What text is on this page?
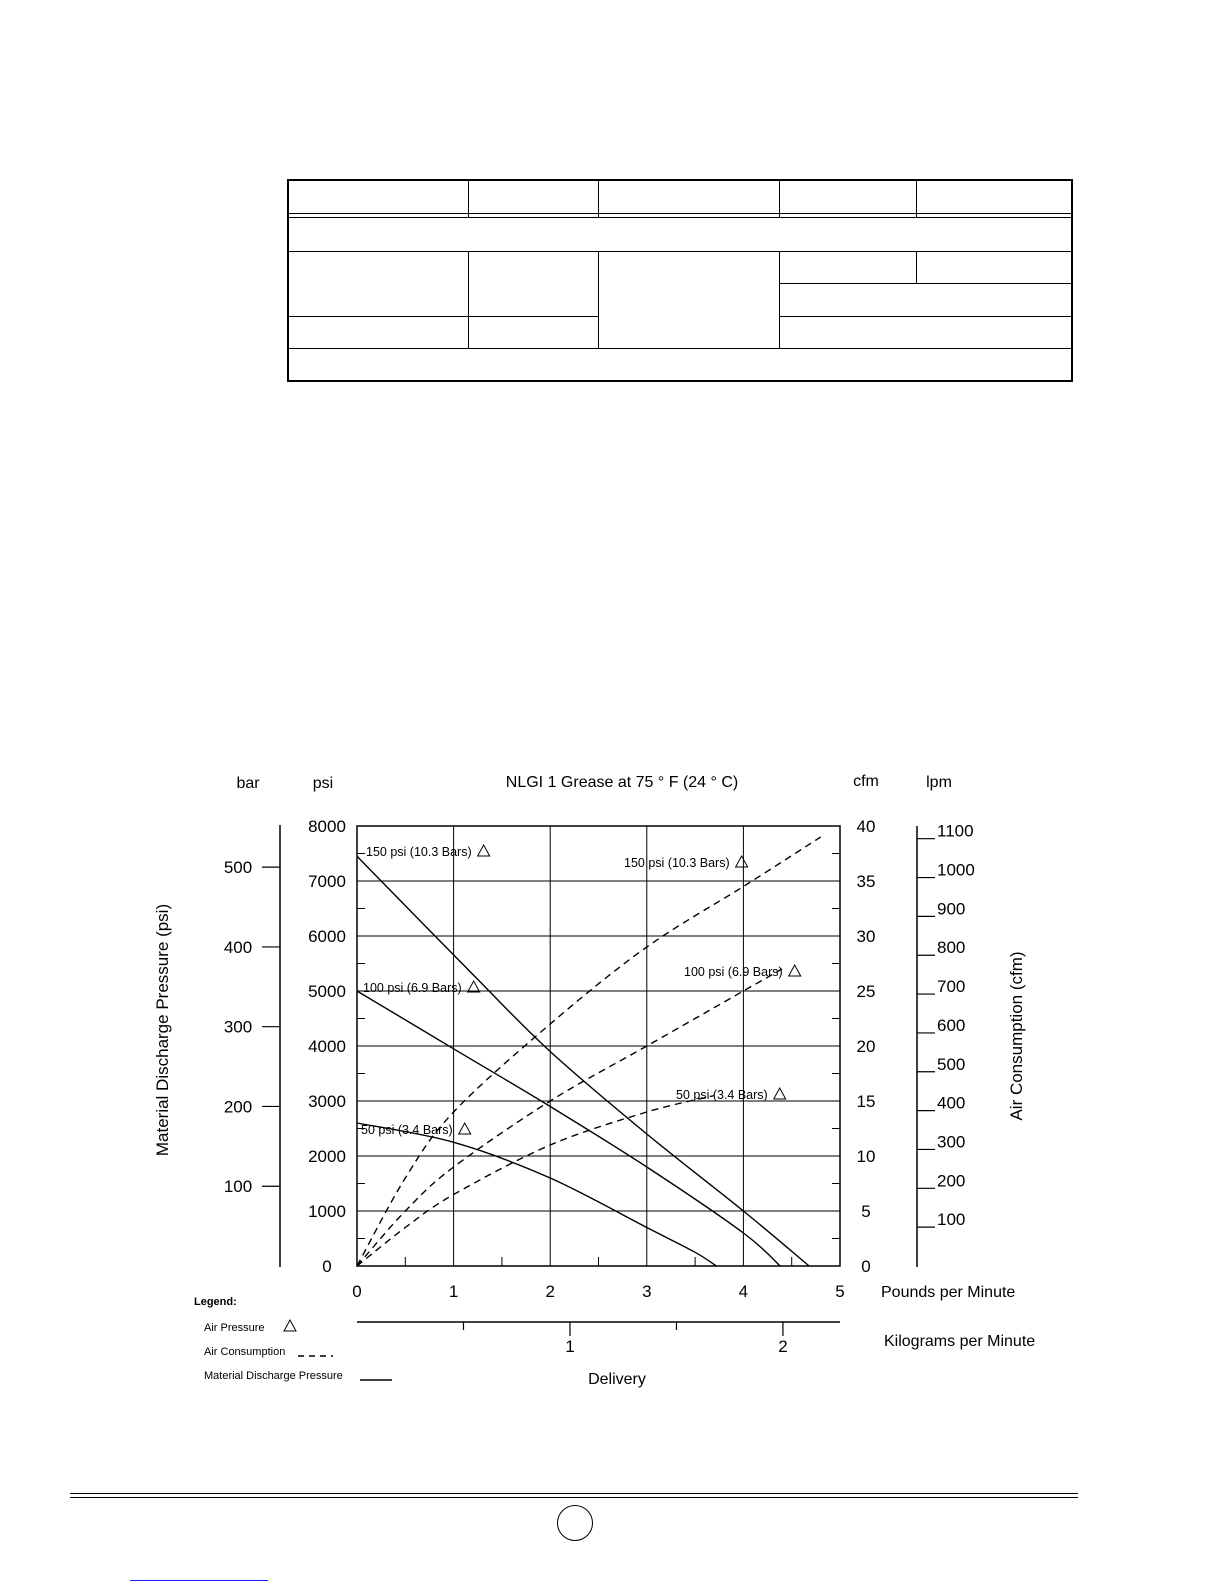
NLGI 1 Grease at 75 ° F (24 ° C)
bar	psi	cfm	lpm
0
1000
2000
3000
4000
5000
6000
7000
8000
0
5
10
15
20
25
30
35
40
0	1	2	3	4	5
100
200
300
400
500
100
200
300
400
500
600
700
800
900
1000
1100
150 psi (10.3 Bars)
100 psi (6.9 Bars)
50 psi (3.4 Bars)
150 psi (10.3 Bars)
100 psi (6.9 Bars)
50 psi (3.4 Bars)
1	2
Material Discharge Pressure (psi)	Air Consumption (cfm)
Pounds per Minute
Kilograms per Minute
Delivery
Legend:
Air Pressure
Air Consumption
Material Discharge Pressure
